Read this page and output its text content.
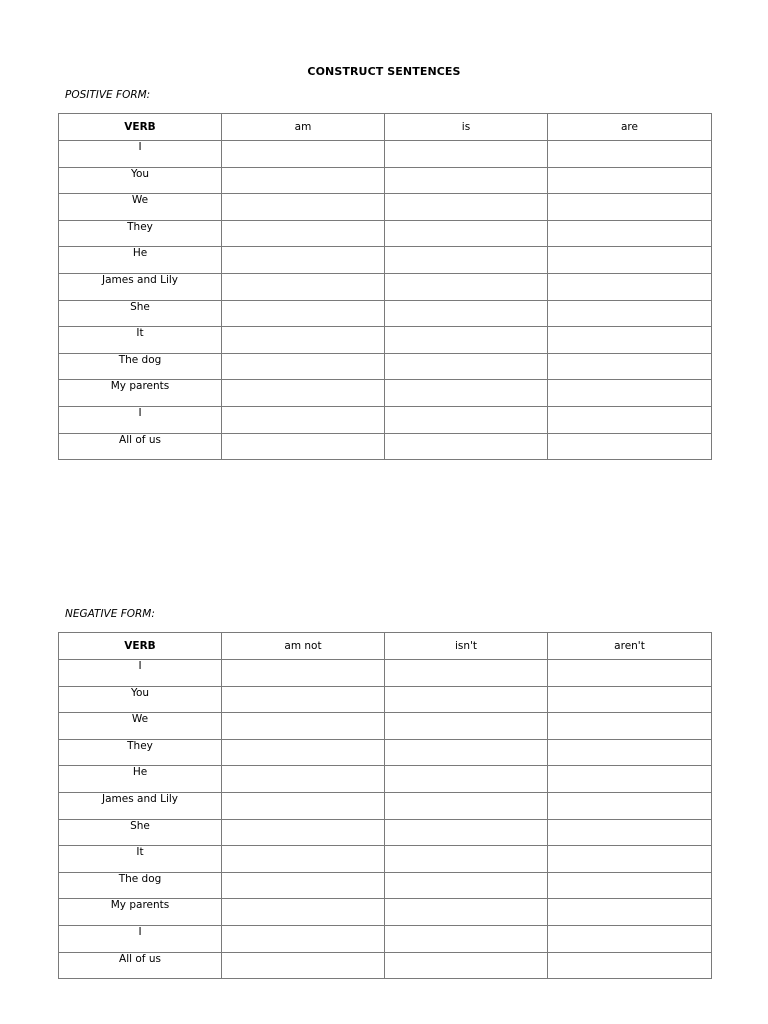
CONSTRUCT SENTENCES
POSITIVE FORM:
VERB	am	is	are
I			
You			
We			
They			
He			
James and Lily			
She			
It			
The dog			
My parents			
I			
All of us			
NEGATIVE FORM:
VERB	am not	isn't	aren't
I			
You			
We			
They			
He			
James and Lily			
She			
It			
The dog			
My parents			
I			
All of us			
